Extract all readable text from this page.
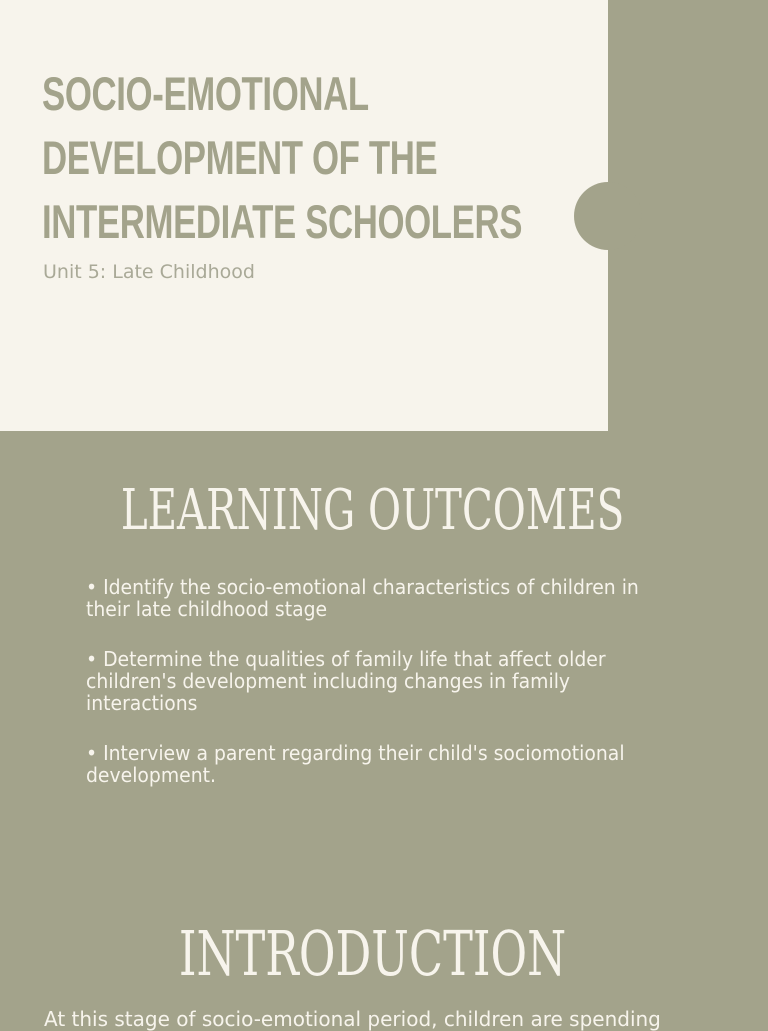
SOCIO-EMOTIONAL
DEVELOPMENT OF THE
INTERMEDIATE SCHOOLERS
Unit 5: Late Childhood
LEARNING OUTCOMES
• Identify the socio-emotional characteristics of children in their late childhood stage
• Determine the qualities of family life that affect older children's development including changes in family interactions
• Interview a parent regarding their child's sociomotional development.
INTRODUCTION

At this stage of socio-emotional period, children are spending
